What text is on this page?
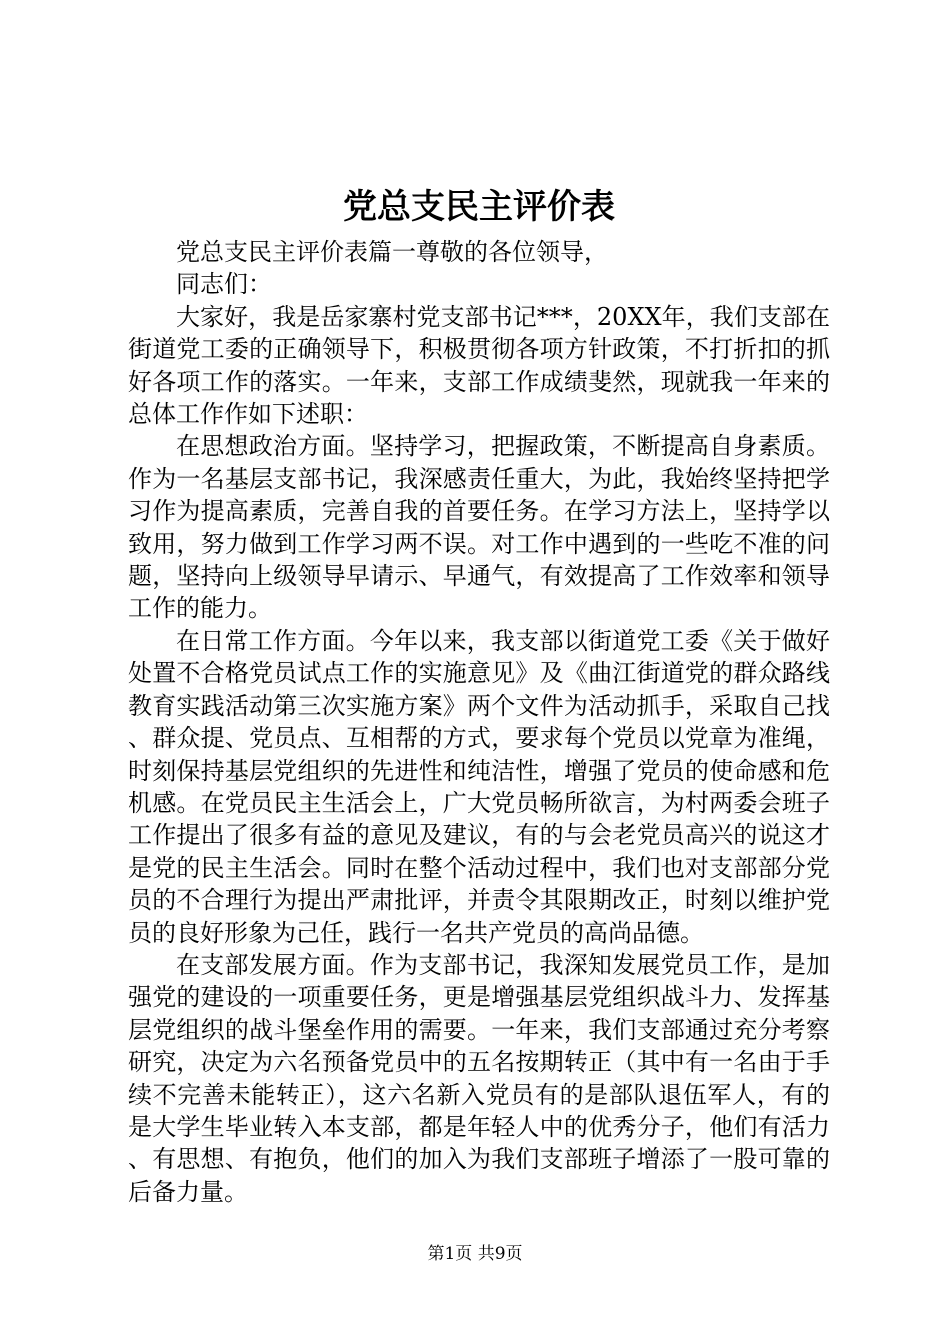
党总支民主评价表

党总支民主评价表篇一尊敬的各位领导，

同志们：

大家好，我是岳家寨村党支部书记***，20XX年，我们支部在街道党工委的正确领导下，积极贯彻各项方针政策，不打折扣的抓好各项工作的落实。一年来，支部工作成绩斐然，现就我一年来的总体工作作如下述职：

在思想政治方面。坚持学习，把握政策，不断提高自身素质。作为一名基层支部书记，我深感责任重大，为此，我始终坚持把学习作为提高素质，完善自我的首要任务。在学习方法上，坚持学以致用，努力做到工作学习两不误。对工作中遇到的一些吃不准的问题，坚持向上级领导早请示、早通气，有效提高了工作效率和领导工作的能力。

在日常工作方面。今年以来，我支部以街道党工委《关于做好处置不合格党员试点工作的实施意见》及《曲江街道党的群众路线教育实践活动第三次实施方案》两个文件为活动抓手，采取自己找、群众提、党员点、互相帮的方式，要求每个党员以党章为准绳，时刻保持基层党组织的先进性和纯洁性，增强了党员的使命感和危机感。在党员民主生活会上，广大党员畅所欲言，为村两委会班子工作提出了很多有益的意见及建议，有的与会老党员高兴的说这才是党的民主生活会。同时在整个活动过程中，我们也对支部部分党员的不合理行为提出严肃批评，并责令其限期改正，时刻以维护党员的良好形象为己任，践行一名共产党员的高尚品德。

在支部发展方面。作为支部书记，我深知发展党员工作，是加强党的建设的一项重要任务，更是增强基层党组织战斗力、发挥基层党组织的战斗堡垒作用的需要。一年来，我们支部通过充分考察研究，决定为六名预备党员中的五名按期转正（其中有一名由于手续不完善未能转正），这六名新入党员有的是部队退伍军人，有的是大学生毕业转入本支部，都是年轻人中的优秀分子，他们有活力、有思想、有抱负，他们的加入为我们支部班子增添了一股可靠的后备力量。

第1页 共9页
